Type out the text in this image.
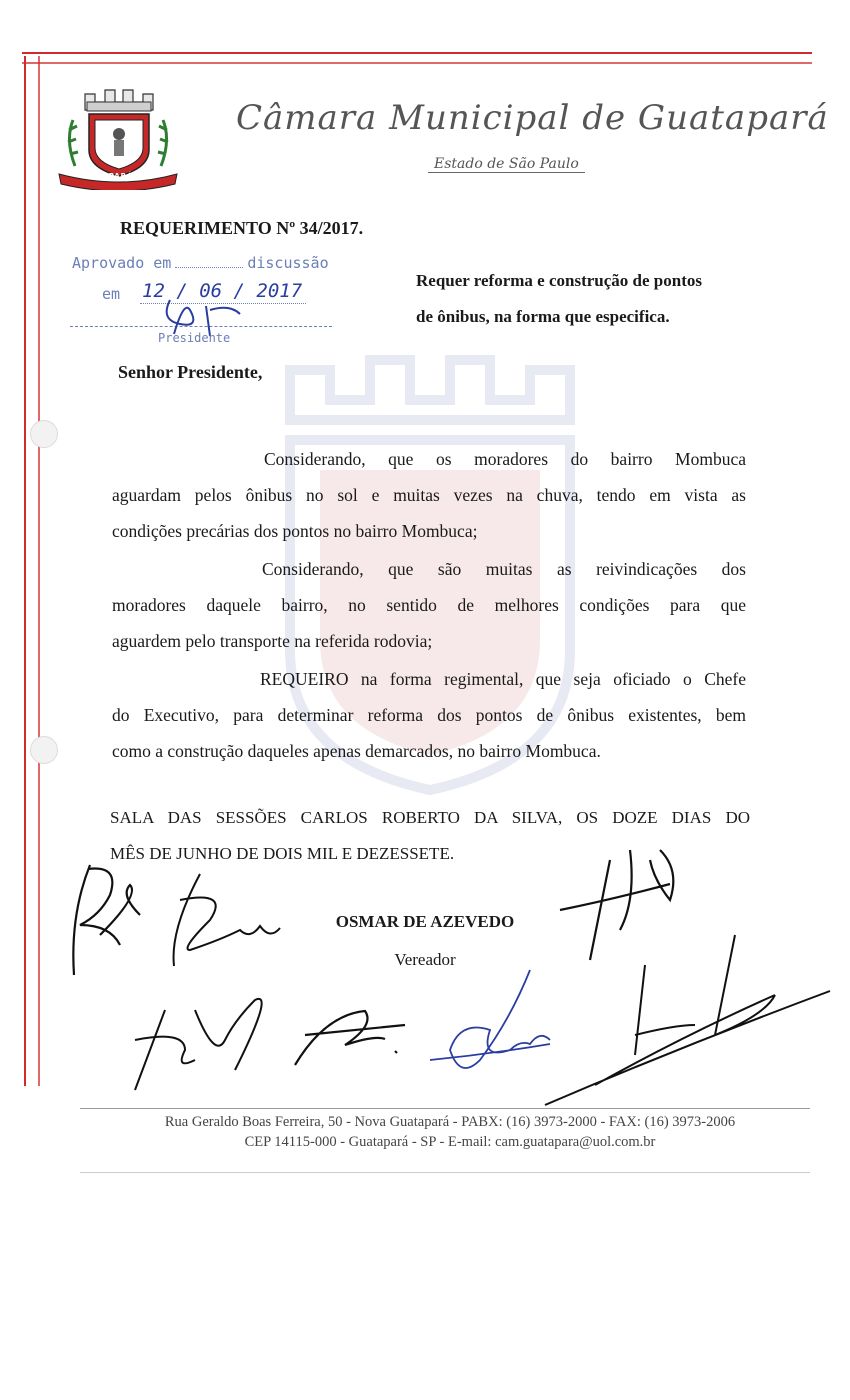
GUATAPARÁ
Câmara Municipal de Guatapará
Estado de São Paulo
REQUERIMENTO Nº 34/2017.
Requer reforma e construção de pontos
de ônibus, na forma que especifica.
Aprovado em	discussão
em 12 / 06 / 2017
Presidente
Senhor Presidente,
Considerando, que os moradores do bairro Mombuca
aguardam pelos ônibus no sol e muitas vezes na chuva, tendo em vista as
condições precárias dos pontos no bairro Mombuca;
Considerando, que são muitas as reivindicações dos
moradores daquele bairro, no sentido de melhores condições para que
aguardem pelo transporte na referida rodovia;
REQUEIRO na forma regimental, que seja oficiado o Chefe
do Executivo, para determinar reforma dos pontos de ônibus existentes, bem
como a construção daqueles apenas demarcados, no bairro Mombuca.
SALA DAS SESSÕES CARLOS ROBERTO DA SILVA, OS DOZE DIAS DO
MÊS DE JUNHO DE DOIS MIL E DEZESSETE.
OSMAR DE AZEVEDO
Vereador
Rua Geraldo Boas Ferreira, 50 - Nova Guatapará - PABX: (16) 3973-2000 - FAX: (16) 3973-2006
CEP 14115-000 - Guatapará - SP - E-mail: cam.guatapara@uol.com.br
